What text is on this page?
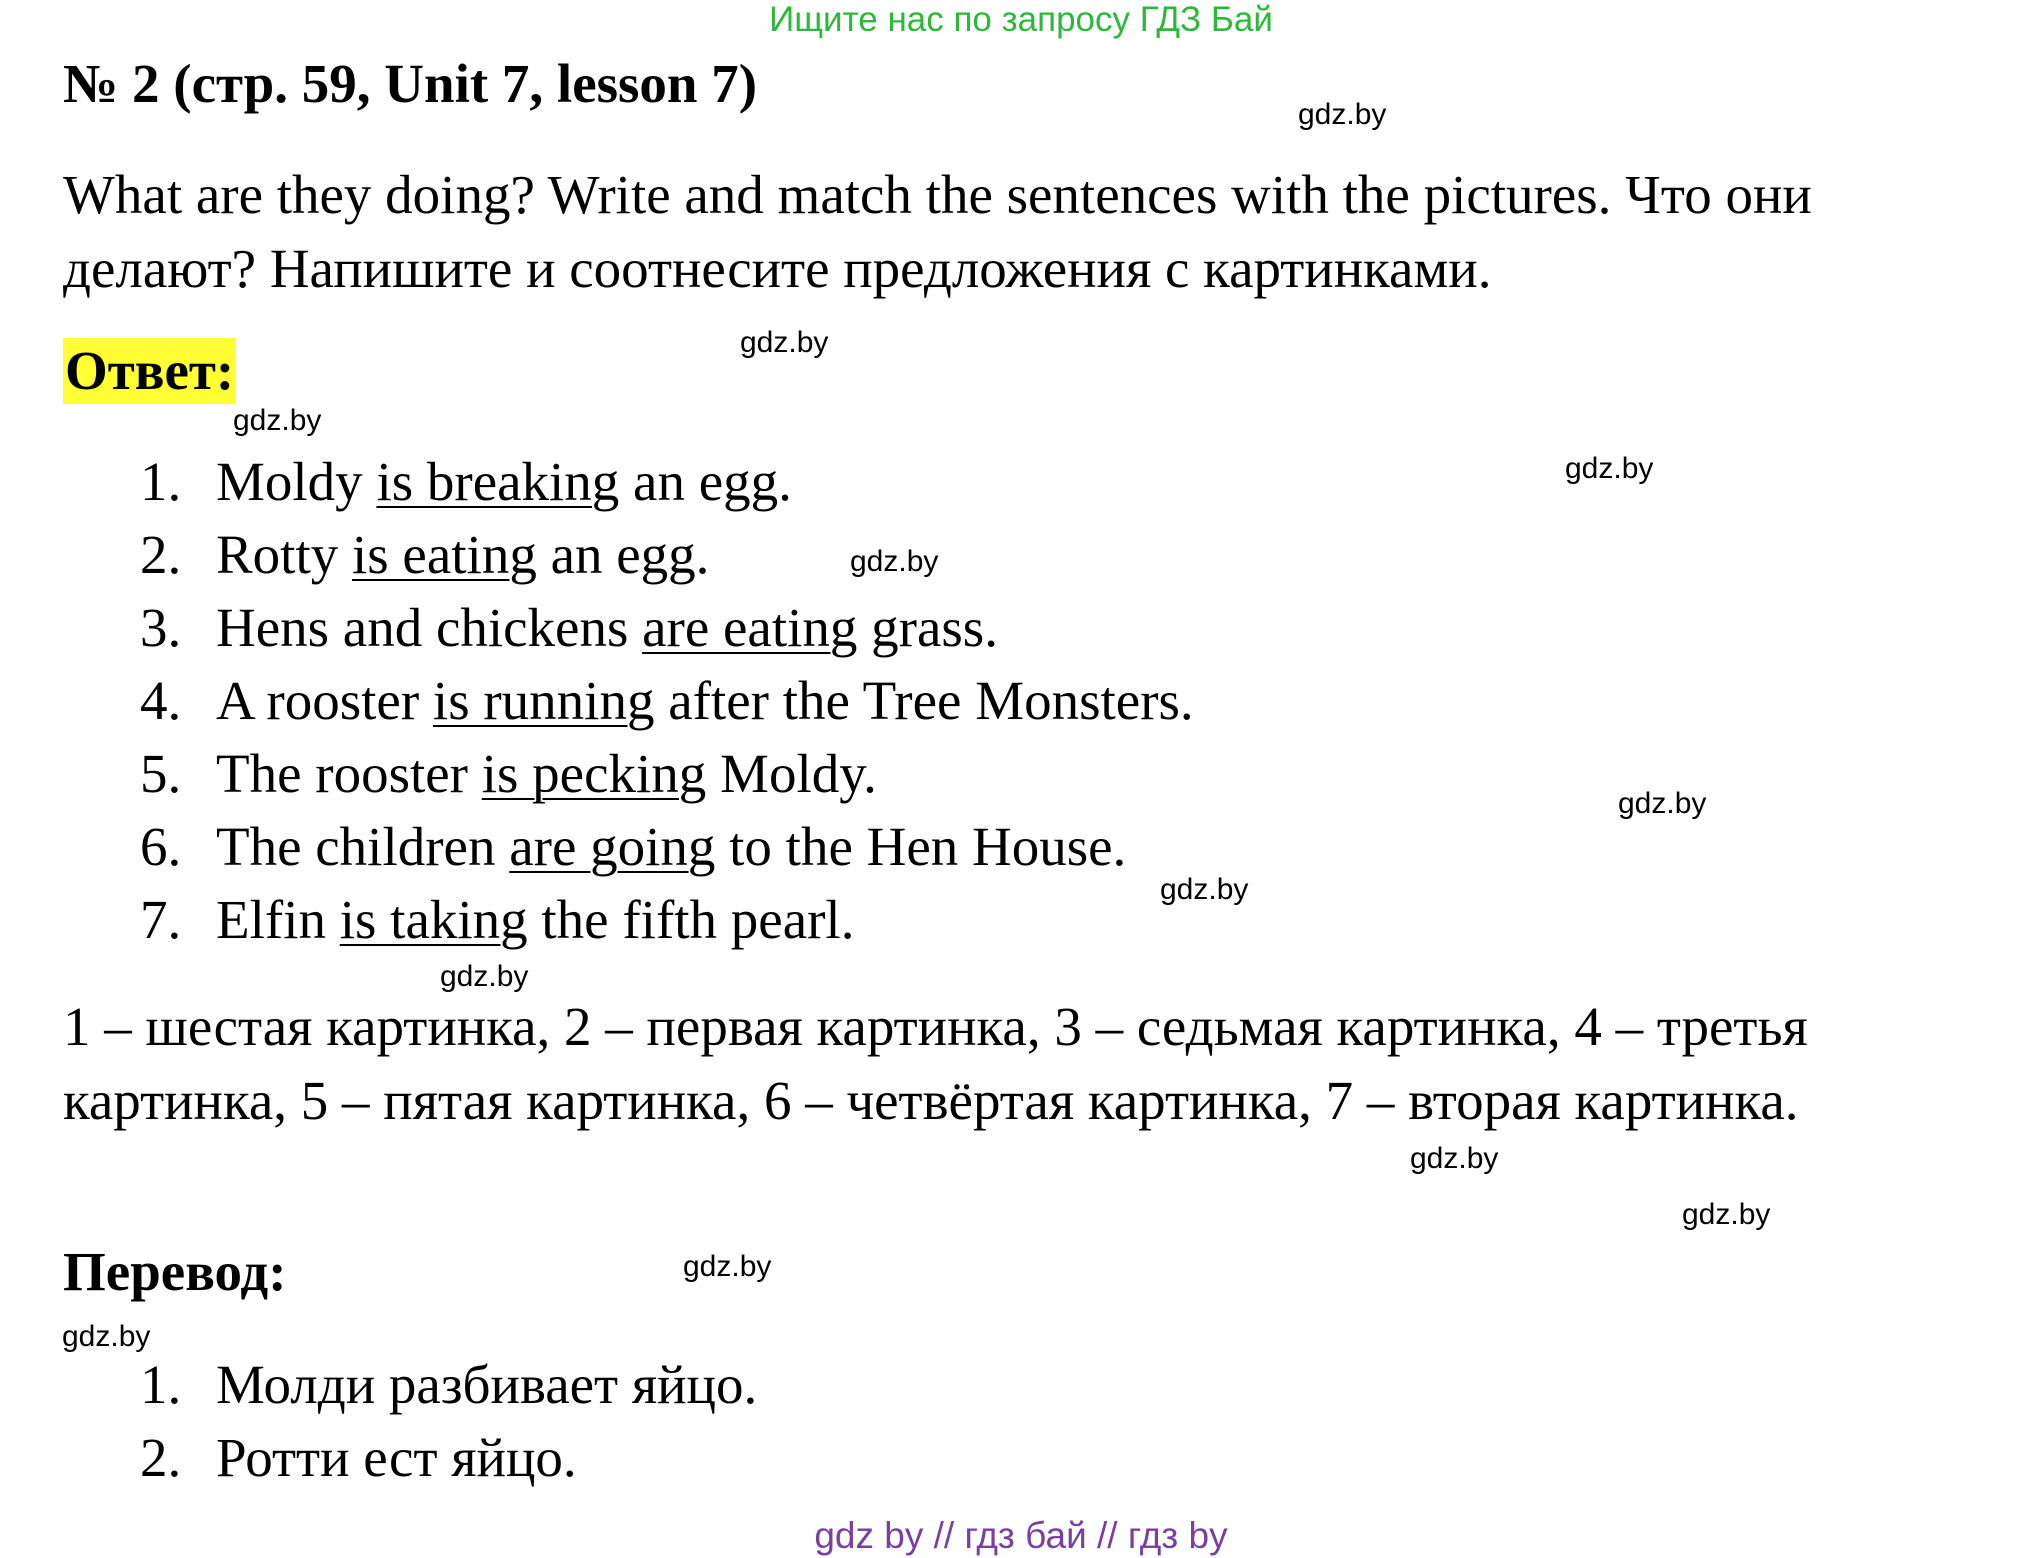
Ищите нас по запросу ГДЗ Бай
№ 2 (стр. 59, Unit 7, lesson 7)
What are they doing? Write and match the sentences with the pictures. Что они делают? Напишите и соотнесите предложения с картинками.
Ответ:
1. Moldy is breaking an egg.
2. Rotty is eating an egg.
3. Hens and chickens are eating grass.
4. A rooster is running after the Tree Monsters.
5. The rooster is pecking Moldy.
6. The children are going to the Hen House.
7. Elfin is taking the fifth pearl.
1 – шестая картинка, 2 – первая картинка, 3 – седьмая картинка, 4 – третья картинка, 5 – пятая картинка, 6 – четвёртая картинка, 7 – вторая картинка.
Перевод:
1. Молди разбивает яйцо.
2. Ротти ест яйцо.
gdz.by
gdz.by
gdz.by
gdz.by
gdz.by
gdz.by
gdz.by
gdz.by
gdz.by
gdz.by
gdz.by
gdz.by
gdz by // гдз бай // гдз by
